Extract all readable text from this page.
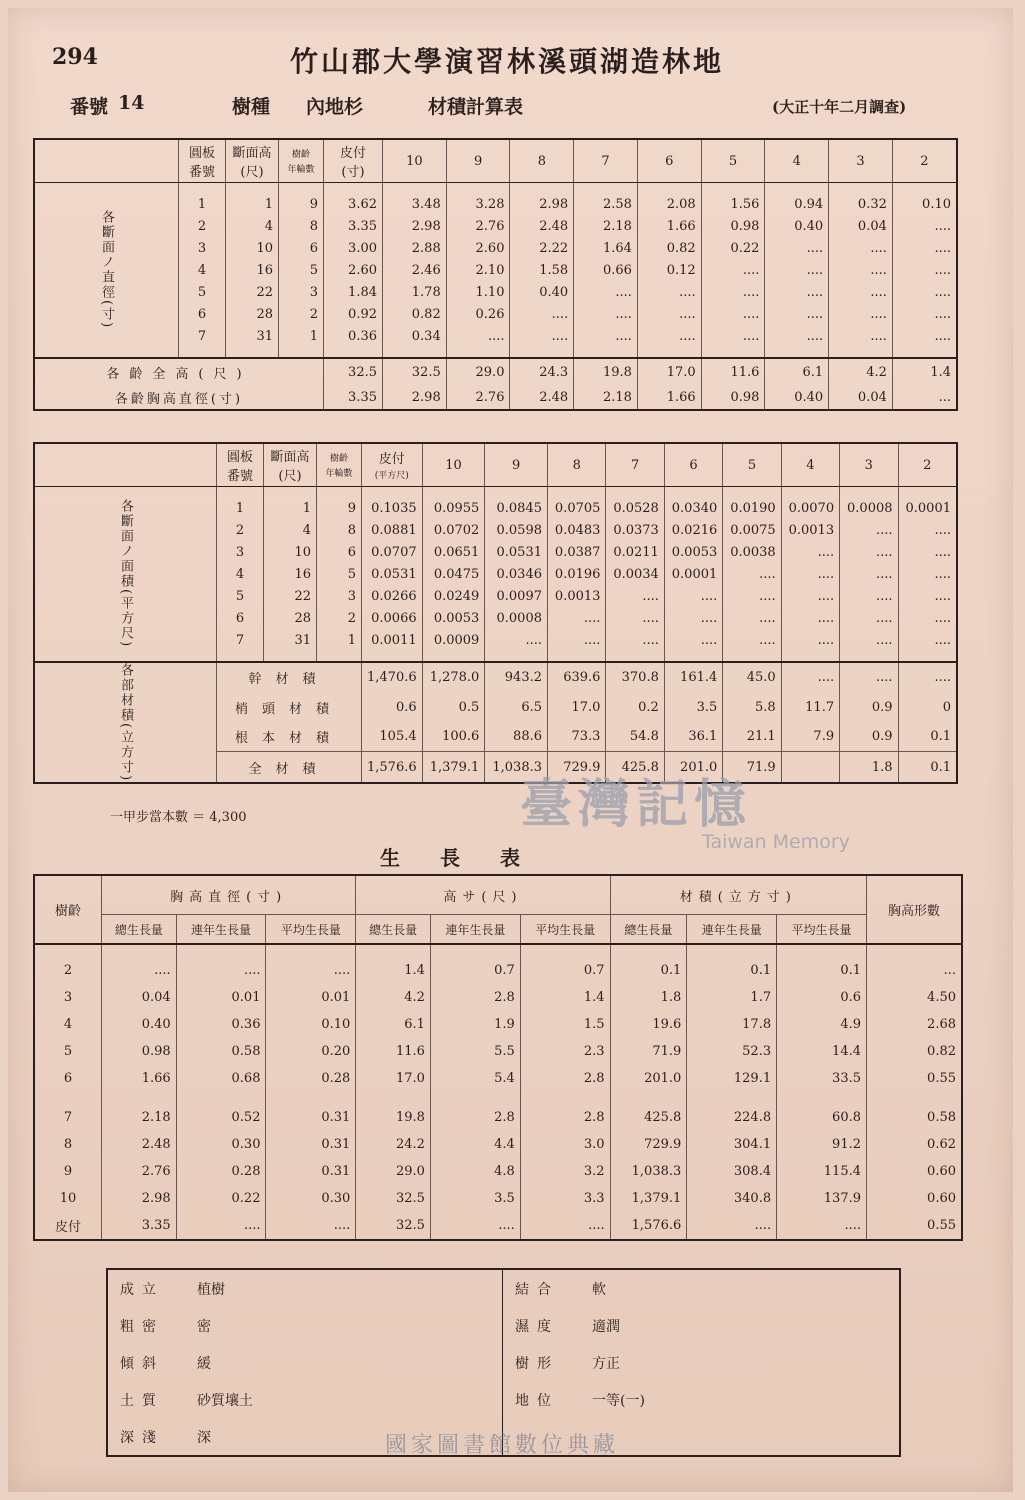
294	竹山郡大學演習林溪頭湖造林地
番號 14	樹種 內地杉	材積計算表	(大正十年二月調查)
	圓板番號	斷面高(尺)	樹齡
年輪數	皮付(寸)	10	9	8	7	6	5	4	3	2

各斷面ノ直徑(寸)	1	1	9	3.62	3.48	3.28	2.98	2.58	2.08	1.56	0.94	0.32	0.10
	2	4	8	3.35	2.98	2.76	2.48	2.18	1.66	0.98	0.40	0.04	....
	3	10	6	3.00	2.88	2.60	2.22	1.64	0.82	0.22	....	....	....
	4	16	5	2.60	2.46	2.10	1.58	0.66	0.12	....	....	....	....
	5	22	3	1.84	1.78	1.10	0.40	....	....	....	....	....	....
	6	28	2	0.92	0.82	0.26	....	....	....	....	....	....	....
	7	31	1	0.36	0.34	....	....	....	....	....	....	....	....

各齡全高(尺)				32.5	32.5	29.0	24.3	19.8	17.0	11.6	6.1	4.2	1.4
各齡胸高直徑(寸)				3.35	2.98	2.76	2.48	2.18	1.66	0.98	0.40	0.04	...
	圓板番號	斷面高(尺)	樹齡
年輪數	皮付
(平方尺)	10	9	8	7	6	5	4	3	2

各斷面ノ面積(平方尺)	1	1	9	0.1035	0.0955	0.0845	0.0705	0.0528	0.0340	0.0190	0.0070	0.0008	0.0001
	2	4	8	0.0881	0.0702	0.0598	0.0483	0.0373	0.0216	0.0075	0.0013	....	....
	3	10	6	0.0707	0.0651	0.0531	0.0387	0.0211	0.0053	0.0038	....	....	....
	4	16	5	0.0531	0.0475	0.0346	0.0196	0.0034	0.0001	....	....	....	....
	5	22	3	0.0266	0.0249	0.0097	0.0013	....	....	....	....	....	....
	6	28	2	0.0066	0.0053	0.0008	....	....	....	....	....	....	....
	7	31	1	0.0011	0.0009	....	....	....	....	....	....	....	....

各部材積(立方寸)	幹材積			1,470.6	1,278.0	943.2	639.6	370.8	161.4	45.0	....	....	....
	梢頭材積			0.6	0.5	6.5	17.0	0.2	3.5	5.8	11.7	0.9	0
	根本材積			105.4	100.6	88.6	73.3	54.8	36.1	21.1	7.9	0.9	0.1
	全材積			1,576.6	1,379.1	1,038.3	729.9	425.8	201.0	71.9		1.8	0.1
一甲步當本數 ＝ 4,300
生長表
樹齡	胸高直徑(寸)			高サ(尺)			材積(立方寸)			胸高形數
	總生長量	連年生長量	平均生長量	總生長量	連年生長量	平均生長量	總生長量	連年生長量	平均生長量	

2	....	....	....	1.4	0.7	0.7	0.1	0.1	0.1	...
3	0.04	0.01	0.01	4.2	2.8	1.4	1.8	1.7	0.6	4.50
4	0.40	0.36	0.10	6.1	1.9	1.5	19.6	17.8	4.9	2.68
5	0.98	0.58	0.20	11.6	5.5	2.3	71.9	52.3	14.4	0.82
6	1.66	0.68	0.28	17.0	5.4	2.8	201.0	129.1	33.5	0.55
7	2.18	0.52	0.31	19.8	2.8	2.8	425.8	224.8	60.8	0.58
8	2.48	0.30	0.31	24.2	4.4	3.0	729.9	304.1	91.2	0.62
9	2.76	0.28	0.31	29.0	4.8	3.2	1,038.3	308.4	115.4	0.60
10	2.98	0.22	0.30	32.5	3.5	3.3	1,379.1	340.8	137.9	0.60
皮付	3.35	....	....	32.5	....	....	1,576.6	....	....	0.55
成立	植樹	結合	軟
粗密	密	濕度	適潤
傾斜	緩	樹形	方正
土質	砂質壤土	地位	一等(一)
深淺	深		
臺灣記憶
Taiwan Memory
國家圖書館數位典藏
